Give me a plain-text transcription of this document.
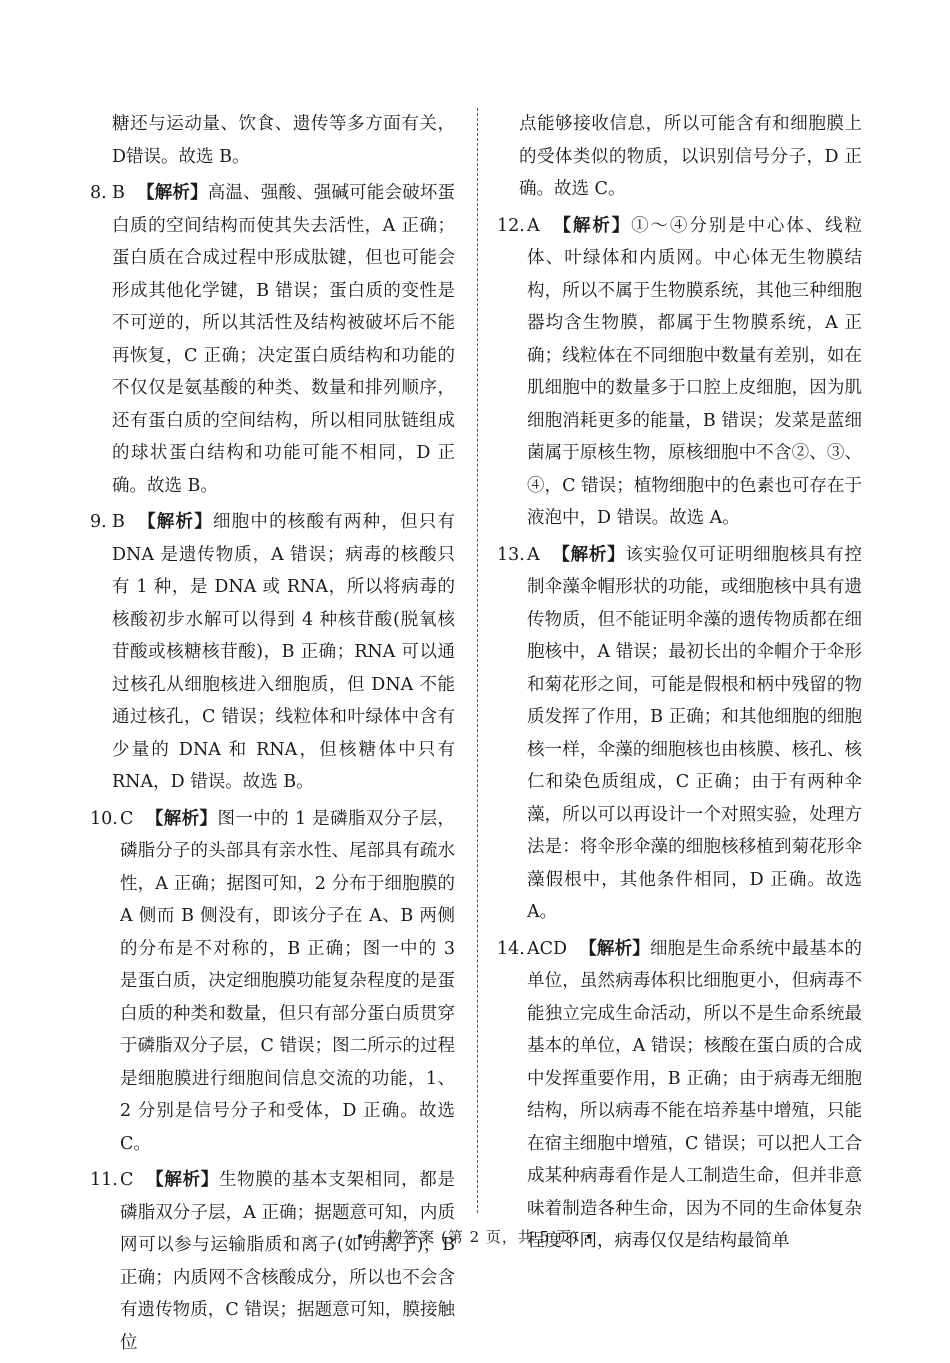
糖还与运动量、饮食、遗传等多方面有关，D错误。故选 B。

8. B 【解析】高温、强酸、强碱可能会破坏蛋白质的空间结构而使其失去活性，A 正确；蛋白质在合成过程中形成肽键，但也可能会形成其他化学键，B 错误；蛋白质的变性是不可逆的，所以其活性及结构被破坏后不能再恢复，C 正确；决定蛋白质结构和功能的不仅仅是氨基酸的种类、数量和排列顺序，还有蛋白质的空间结构，所以相同肽链组成的球状蛋白结构和功能可能不相同，D 正确。故选 B。
9. B 【解析】细胞中的核酸有两种，但只有 DNA 是遗传物质，A 错误；病毒的核酸只有 1 种，是 DNA 或 RNA，所以将病毒的核酸初步水解可以得到 4 种核苷酸(脱氧核苷酸或核糖核苷酸)，B 正确；RNA 可以通过核孔从细胞核进入细胞质，但 DNA 不能通过核孔，C 错误；线粒体和叶绿体中含有少量的 DNA 和 RNA，但核糖体中只有 RNA，D 错误。故选 B。
10. C 【解析】图一中的 1 是磷脂双分子层，磷脂分子的头部具有亲水性、尾部具有疏水性，A 正确；据图可知，2 分布于细胞膜的 A 侧而 B 侧没有，即该分子在 A、B 两侧的分布是不对称的，B 正确；图一中的 3 是蛋白质，决定细胞膜功能复杂程度的是蛋白质的种类和数量，但只有部分蛋白质贯穿于磷脂双分子层，C 错误；图二所示的过程是细胞膜进行细胞间信息交流的功能，1、2 分别是信号分子和受体，D 正确。故选 C。
11. C 【解析】生物膜的基本支架相同，都是磷脂双分子层，A 正确；据题意可知，内质网可以参与运输脂质和离子(如钙离子)，B 正确；内质网不含核酸成分，所以也不会含有遗传物质，C 错误；据题意可知，膜接触位

点能够接收信息，所以可能含有和细胞膜上的受体类似的物质，以识别信号分子，D 正确。故选 C。

12. A 【解析】①～④分别是中心体、线粒体、叶绿体和内质网。中心体无生物膜结构，所以不属于生物膜系统，其他三种细胞器均含生物膜，都属于生物膜系统，A 正确；线粒体在不同细胞中数量有差别，如在肌细胞中的数量多于口腔上皮细胞，因为肌细胞消耗更多的能量，B 错误；发菜是蓝细菌属于原核生物，原核细胞中不含②、③、④，C 错误；植物细胞中的色素也可存在于液泡中，D 错误。故选 A。
13. A 【解析】该实验仅可证明细胞核具有控制伞藻伞帽形状的功能，或细胞核中具有遗传物质，但不能证明伞藻的遗传物质都在细胞核中，A 错误；最初长出的伞帽介于伞形和菊花形之间，可能是假根和柄中残留的物质发挥了作用，B 正确；和其他细胞的细胞核一样，伞藻的细胞核也由核膜、核孔、核仁和染色质组成，C 正确；由于有两种伞藻，所以可以再设计一个对照实验，处理方法是：将伞形伞藻的细胞核移植到菊花形伞藻假根中，其他条件相同，D 正确。故选 A。
14. ACD 【解析】细胞是生命系统中最基本的单位，虽然病毒体积比细胞更小，但病毒不能独立完成生命活动，所以不是生命系统最基本的单位，A 错误；核酸在蛋白质的合成中发挥重要作用，B 正确；由于病毒无细胞结构，所以病毒不能在培养基中增殖，只能在宿主细胞中增殖，C 错误；可以把人工合成某种病毒看作是人工制造生命，但并非意味着制造各种生命，因为不同的生命体复杂程度不同，病毒仅仅是结构最简单
• 生物答案 (第 2 页，共 5 页) •
